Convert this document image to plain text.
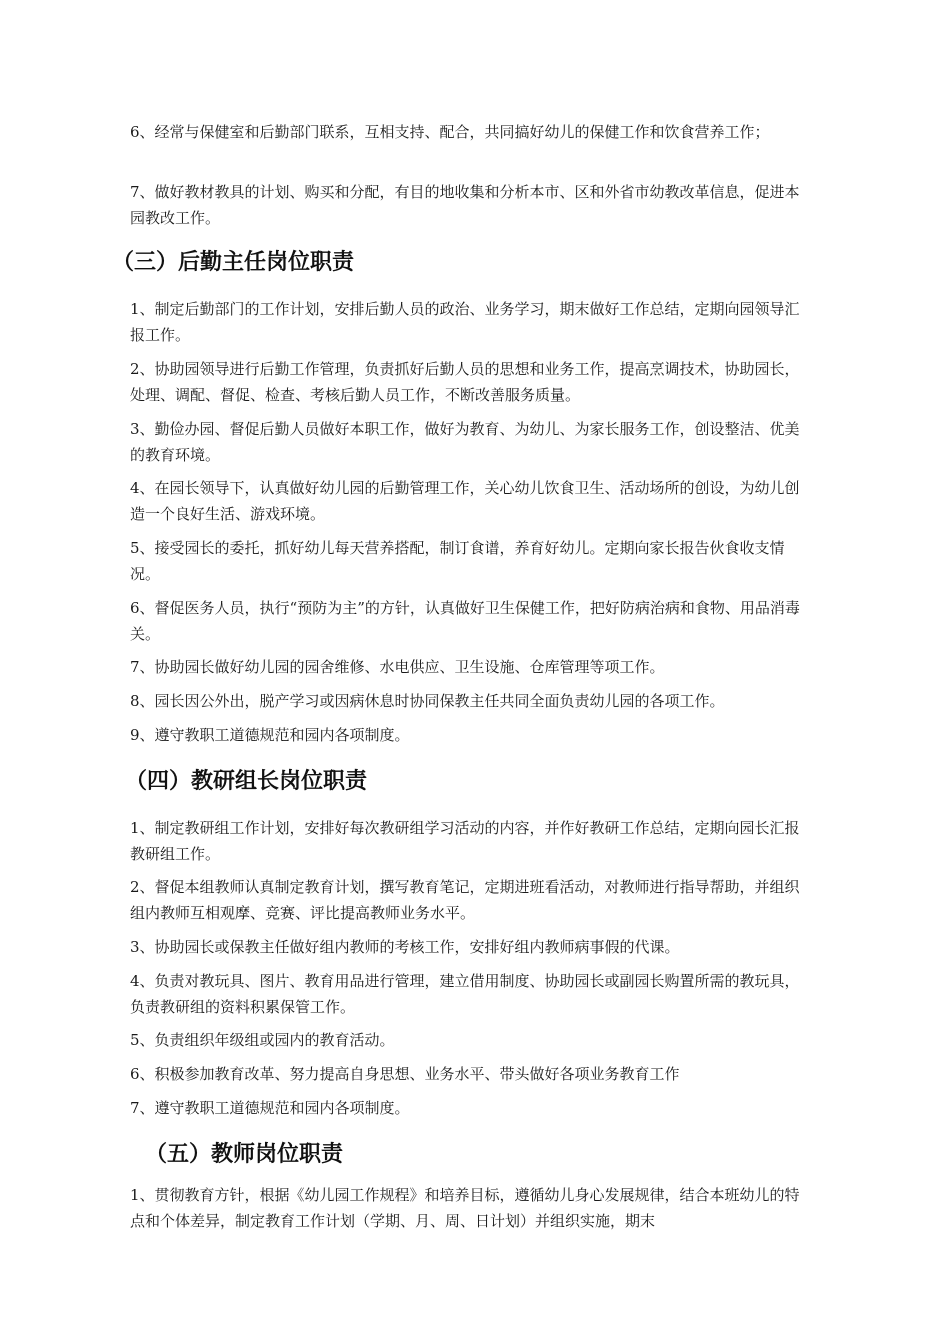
6、经常与保健室和后勤部门联系，互相支持、配合，共同搞好幼儿的保健工作和饮食营养工作；

7、做好教材教具的计划、购买和分配，有目的地收集和分析本市、区和外省市幼教改革信息，促进本园教改工作。

（三）后勤主任岗位职责

1、制定后勤部门的工作计划，安排后勤人员的政治、业务学习，期末做好工作总结，定期向园领导汇报工作。

2、协助园领导进行后勤工作管理，负责抓好后勤人员的思想和业务工作，提高烹调技术，协助园长，处理、调配、督促、检查、考核后勤人员工作，不断改善服务质量。

3、勤俭办园、督促后勤人员做好本职工作，做好为教育、为幼儿、为家长服务工作，创设整洁、优美的教育环境。

4、在园长领导下，认真做好幼儿园的后勤管理工作，关心幼儿饮食卫生、活动场所的创设，为幼儿创造一个良好生活、游戏环境。

5、接受园长的委托，抓好幼儿每天营养搭配，制订食谱，养育好幼儿。定期向家长报告伙食收支情况。

6、督促医务人员，执行“预防为主”的方针，认真做好卫生保健工作，把好防病治病和食物、用品消毒关。

7、协助园长做好幼儿园的园舍维修、水电供应、卫生设施、仓库管理等项工作。

8、园长因公外出，脱产学习或因病休息时协同保教主任共同全面负责幼儿园的各项工作。

9、遵守教职工道德规范和园内各项制度。

（四）教研组长岗位职责

1、制定教研组工作计划，安排好每次教研组学习活动的内容，并作好教研工作总结，定期向园长汇报教研组工作。

2、督促本组教师认真制定教育计划，撰写教育笔记，定期进班看活动，对教师进行指导帮助，并组织组内教师互相观摩、竞赛、评比提高教师业务水平。

3、协助园长或保教主任做好组内教师的考核工作，安排好组内教师病事假的代课。

4、负责对教玩具、图片、教育用品进行管理，建立借用制度、协助园长或副园长购置所需的教玩具，负责教研组的资料积累保管工作。

5、负责组织年级组或园内的教育活动。

6、积极参加教育改革、努力提高自身思想、业务水平、带头做好各项业务教育工作

7、遵守教职工道德规范和园内各项制度。

（五）教师岗位职责

1、贯彻教育方针，根据《幼儿园工作规程》和培养目标，遵循幼儿身心发展规律，结合本班幼儿的特点和个体差异，制定教育工作计划（学期、月、周、日计划）并组织实施，期末
